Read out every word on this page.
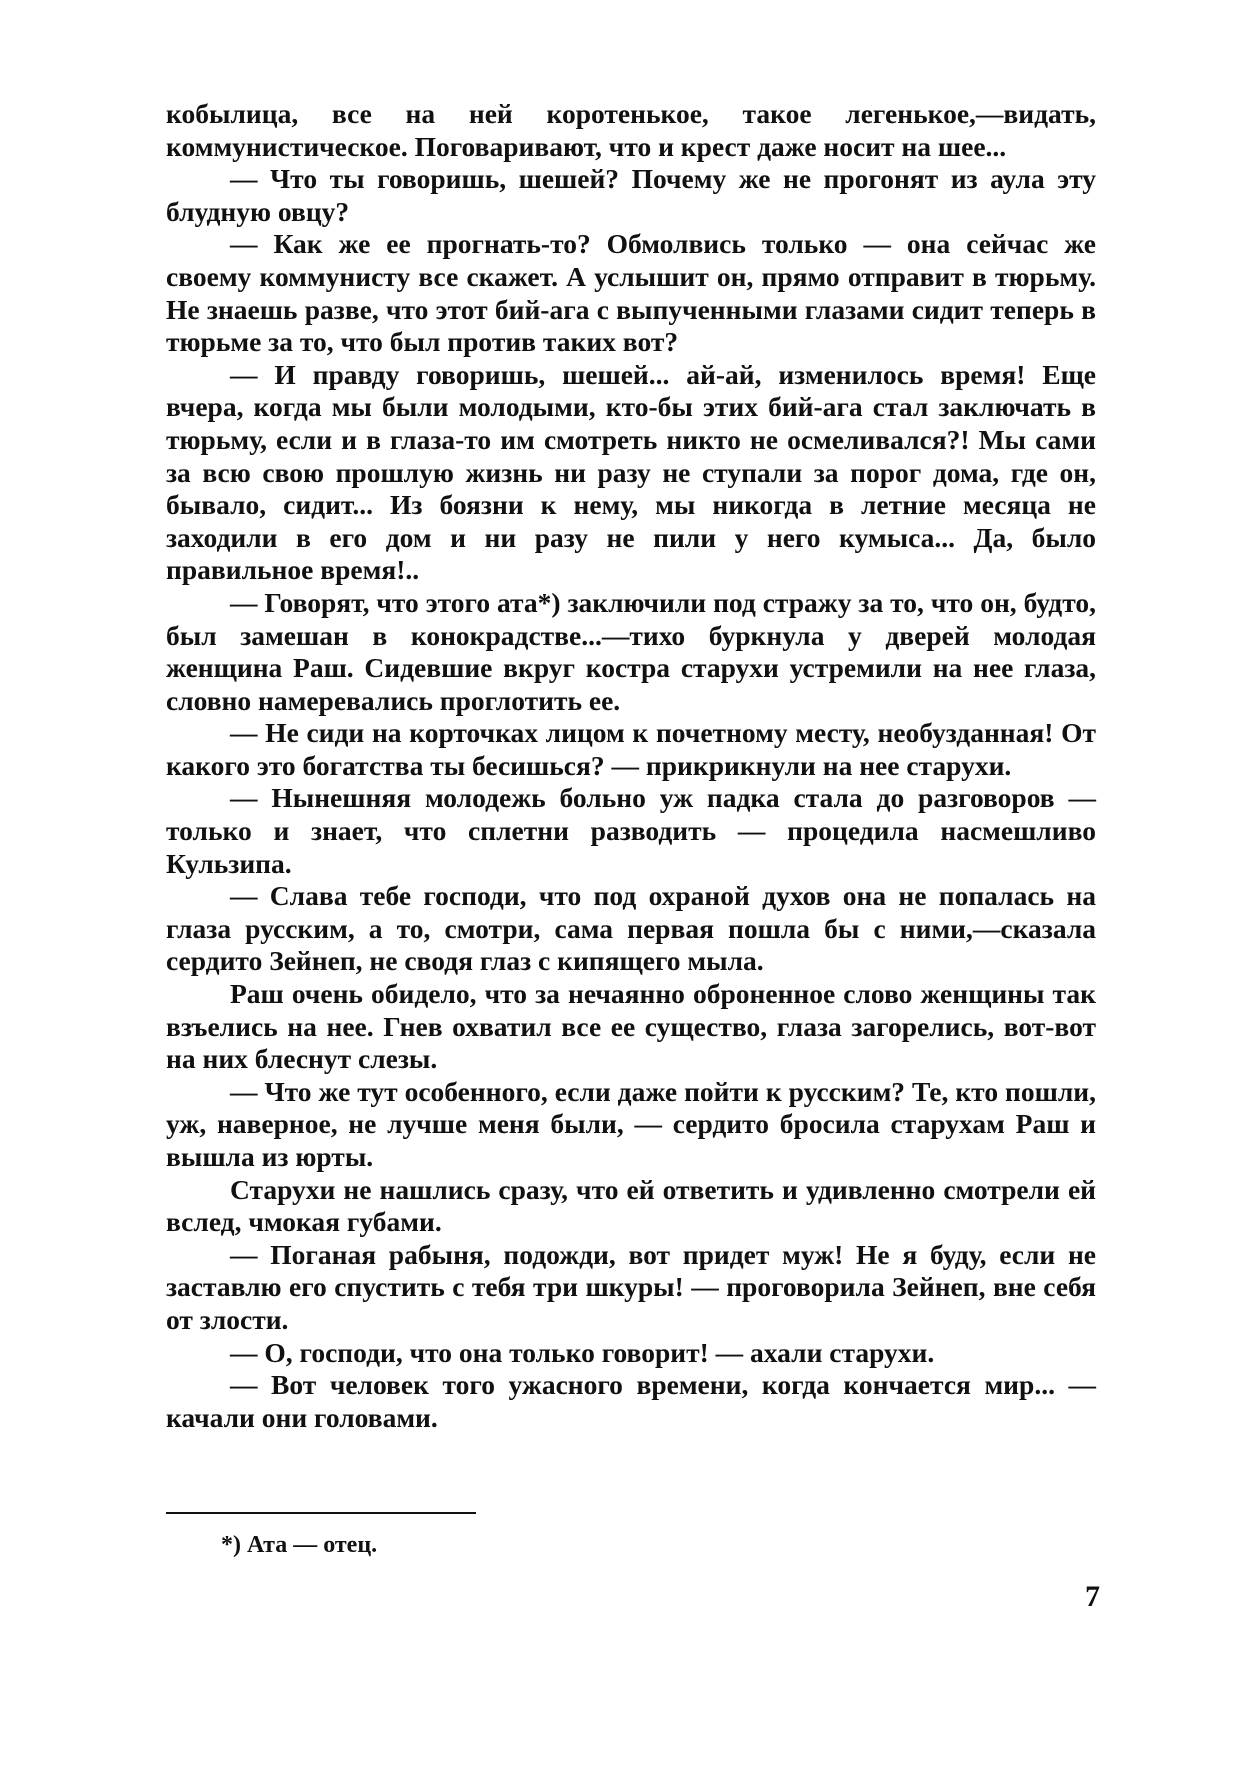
кобылица, все на ней коротенькое, такое легенькое,—видать, коммунистическое. Поговаривают, что и крест даже носит на шее...

— Что ты говоришь, шешей? Почему же не прогонят из аула эту блудную овцу?

— Как же ее прогнать-то? Обмолвись только — она сейчас же своему коммунисту все скажет. А услышит он, прямо отправит в тюрьму. Не знаешь разве, что этот бий-ага с выпученными глазами сидит теперь в тюрьме за то, что был против таких вот?

— И правду говоришь, шешей... ай-ай, изменилось время! Еще вчера, когда мы были молодыми, кто-бы этих бий-ага стал заключать в тюрьму, если и в глаза-то им смотреть никто не осмеливался?! Мы сами за всю свою прошлую жизнь ни разу не ступали за порог дома, где он, бывало, сидит... Из боязни к нему, мы никогда в летние месяца не заходили в его дом и ни разу не пили у него кумыса... Да, было правильное время!..

— Говорят, что этого ата*) заключили под стражу за то, что он, будто, был замешан в конокрадстве...—тихо буркнула у дверей молодая женщина Раш. Сидевшие вкруг костра старухи устремили на нее глаза, словно намеревались проглотить ее.

— Не сиди на корточках лицом к почетному месту, необузданная! От какого это богатства ты бесишься? — прикрикнули на нее старухи.

— Нынешняя молодежь больно уж падка стала до разговоров — только и знает, что сплетни разводить — процедила насмешливо Кульзипа.

— Слава тебе господи, что под охраной духов она не попалась на глаза русским, а то, смотри, сама первая пошла бы с ними,—сказала сердито Зейнеп, не сводя глаз с кипящего мыла.

Раш очень обидело, что за нечаянно оброненное слово женщины так взъелись на нее. Гнев охватил все ее существо, глаза загорелись, вот-вот на них блеснут слезы.

— Что же тут особенного, если даже пойти к русским? Те, кто пошли, уж, наверное, не лучше меня были, — сердито бросила старухам Раш и вышла из юрты.

Старухи не нашлись сразу, что ей ответить и удивленно смотрели ей вслед, чмокая губами.

— Поганая рабыня, подожди, вот придет муж! Не я буду, если не заставлю его спустить с тебя три шкуры! — проговорила Зейнеп, вне себя от злости.

— О, господи, что она только говорит! — ахали старухи.

— Вот человек того ужасного времени, когда кончается мир... — качали они головами.

*) Ата — отец.
7
